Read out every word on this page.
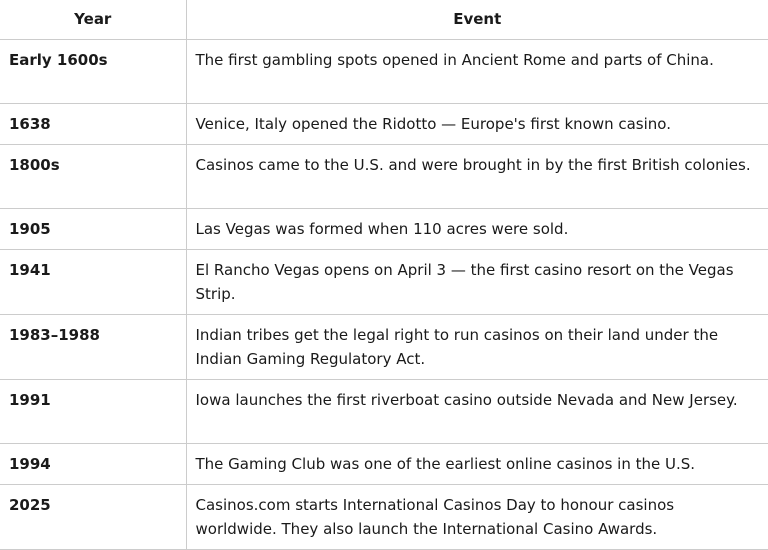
Year	Event
Early 1600s	The first gambling spots opened in Ancient Rome and parts of China.
1638	Venice, Italy opened the Ridotto — Europe's first known casino.
1800s	Casinos came to the U.S. and were brought in by the first British colonies.
1905	Las Vegas was formed when 110 acres were sold.
1941	El Rancho Vegas opens on April 3 — the first casino resort on the Vegas Strip.
1983–1988	Indian tribes get the legal right to run casinos on their land under the Indian Gaming Regulatory Act.
1991	Iowa launches the first riverboat casino outside Nevada and New Jersey.
1994	The Gaming Club was one of the earliest online casinos in the U.S.
2025	Casinos.com starts International Casinos Day to honour casinos worldwide. They also launch the International Casino Awards.
